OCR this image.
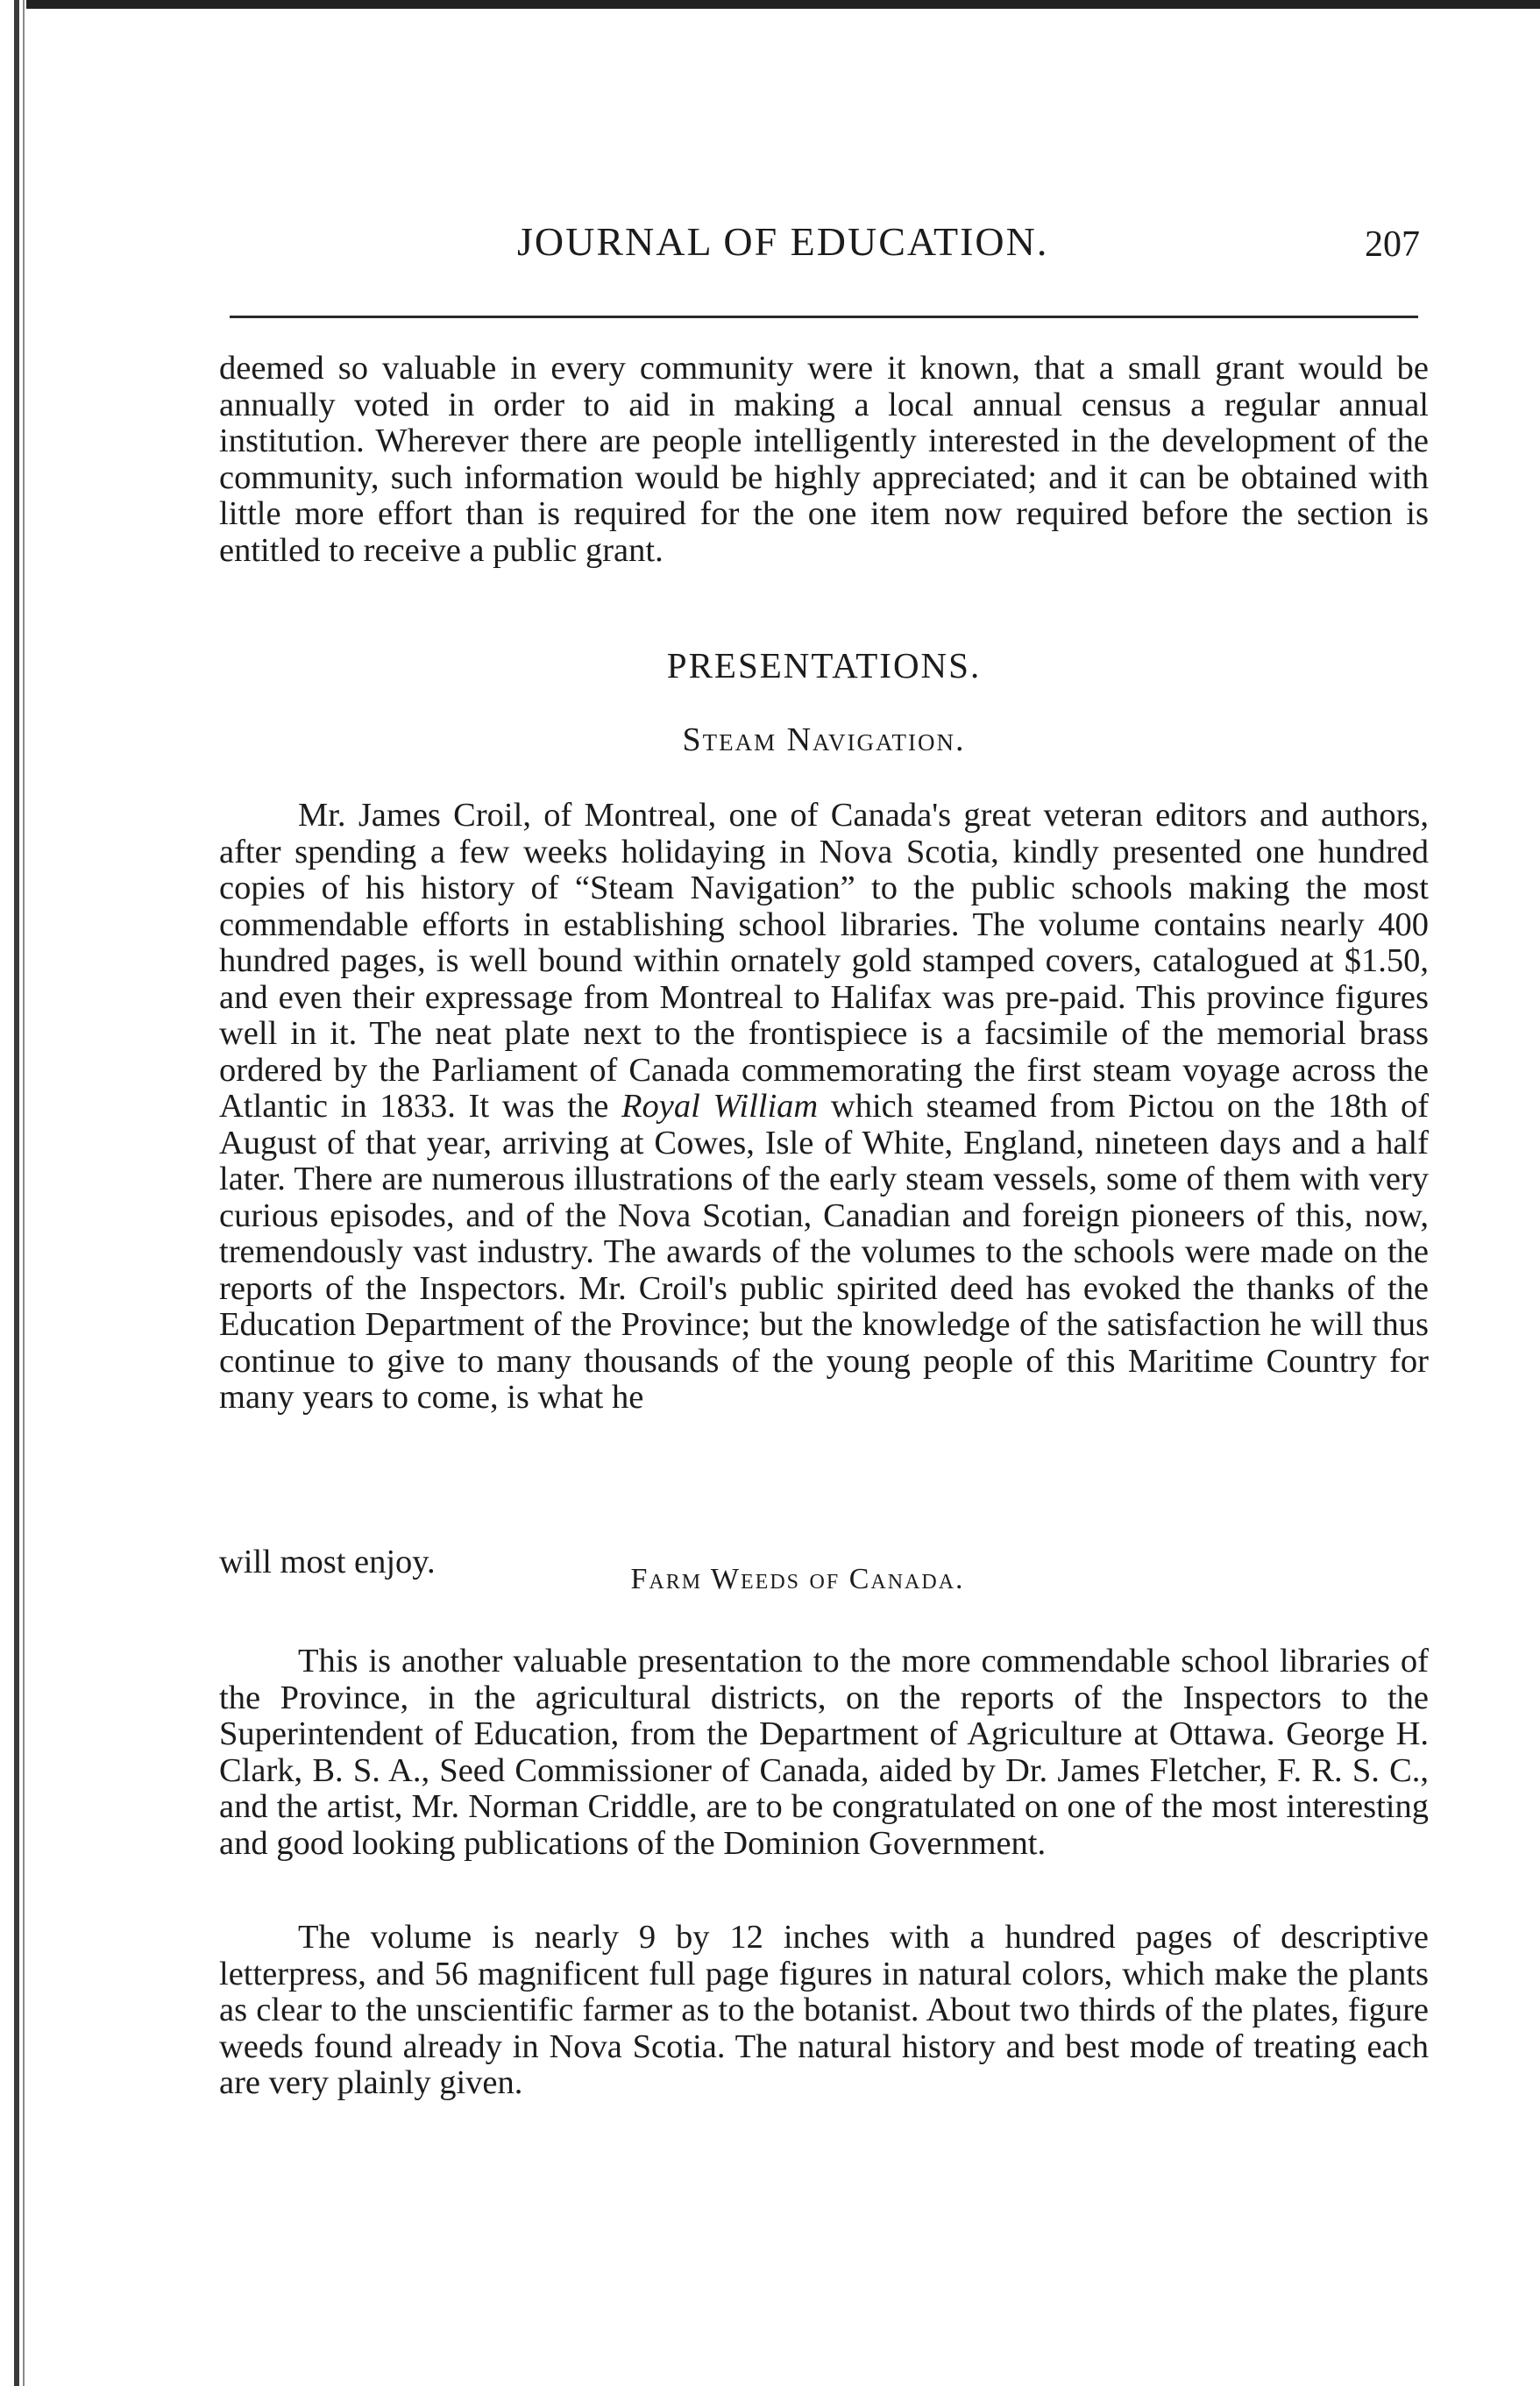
JOURNAL OF EDUCATION.	207

deemed so valuable in every community were it known, that a small grant would be annually voted in order to aid in making a local annual census a regular annual institution. Wherever there are people intelligently interested in the development of the community, such information would be highly appreciated; and it can be obtained with little more effort than is required for the one item now required before the section is entitled to receive a public grant.

PRESENTATIONS.
Steam Navigation.

Mr. James Croil, of Montreal, one of Canada's great veteran editors and authors, after spending a few weeks holidaying in Nova Scotia, kindly presented one hundred copies of his history of “Steam Navigation” to the public schools making the most commendable efforts in establishing school libraries. The volume contains nearly 400 hundred pages, is well bound within ornately gold stamped covers, catalogued at $1.50, and even their expressage from Montreal to Halifax was pre-paid. This province figures well in it. The neat plate next to the frontispiece is a facsimile of the memorial brass ordered by the Parliament of Canada commemorating the first steam voyage across the Atlantic in 1833. It was the Royal William which steamed from Pictou on the 18th of August of that year, arriving at Cowes, Isle of White, England, nineteen days and a half later. There are numerous illustrations of the early steam vessels, some of them with very curious episodes, and of the Nova Scotian, Canadian and foreign pioneers of this, now, tremendously vast industry. The awards of the volumes to the schools were made on the reports of the Inspectors. Mr. Croil's public spirited deed has evoked the thanks of the Education Department of the Province; but the knowledge of the satisfaction he will thus continue to give to many thousands of the young people of this Maritime Country for many years to come, is what he

will most enjoy.	Farm Weeds of Canada.

This is another valuable presentation to the more commendable school libraries of the Province, in the agricultural districts, on the reports of the Inspectors to the Superintendent of Education, from the Department of Agriculture at Ottawa. George H. Clark, B. S. A., Seed Commissioner of Canada, aided by Dr. James Fletcher, F. R. S. C., and the artist, Mr. Norman Criddle, are to be congratulated on one of the most interesting and good looking publications of the Dominion Government.

The volume is nearly 9 by 12 inches with a hundred pages of descriptive letterpress, and 56 magnificent full page figures in natural colors, which make the plants as clear to the unscientific farmer as to the botanist. About two thirds of the plates, figure weeds found already in Nova Scotia. The natural history and best mode of treating each are very plainly given.
